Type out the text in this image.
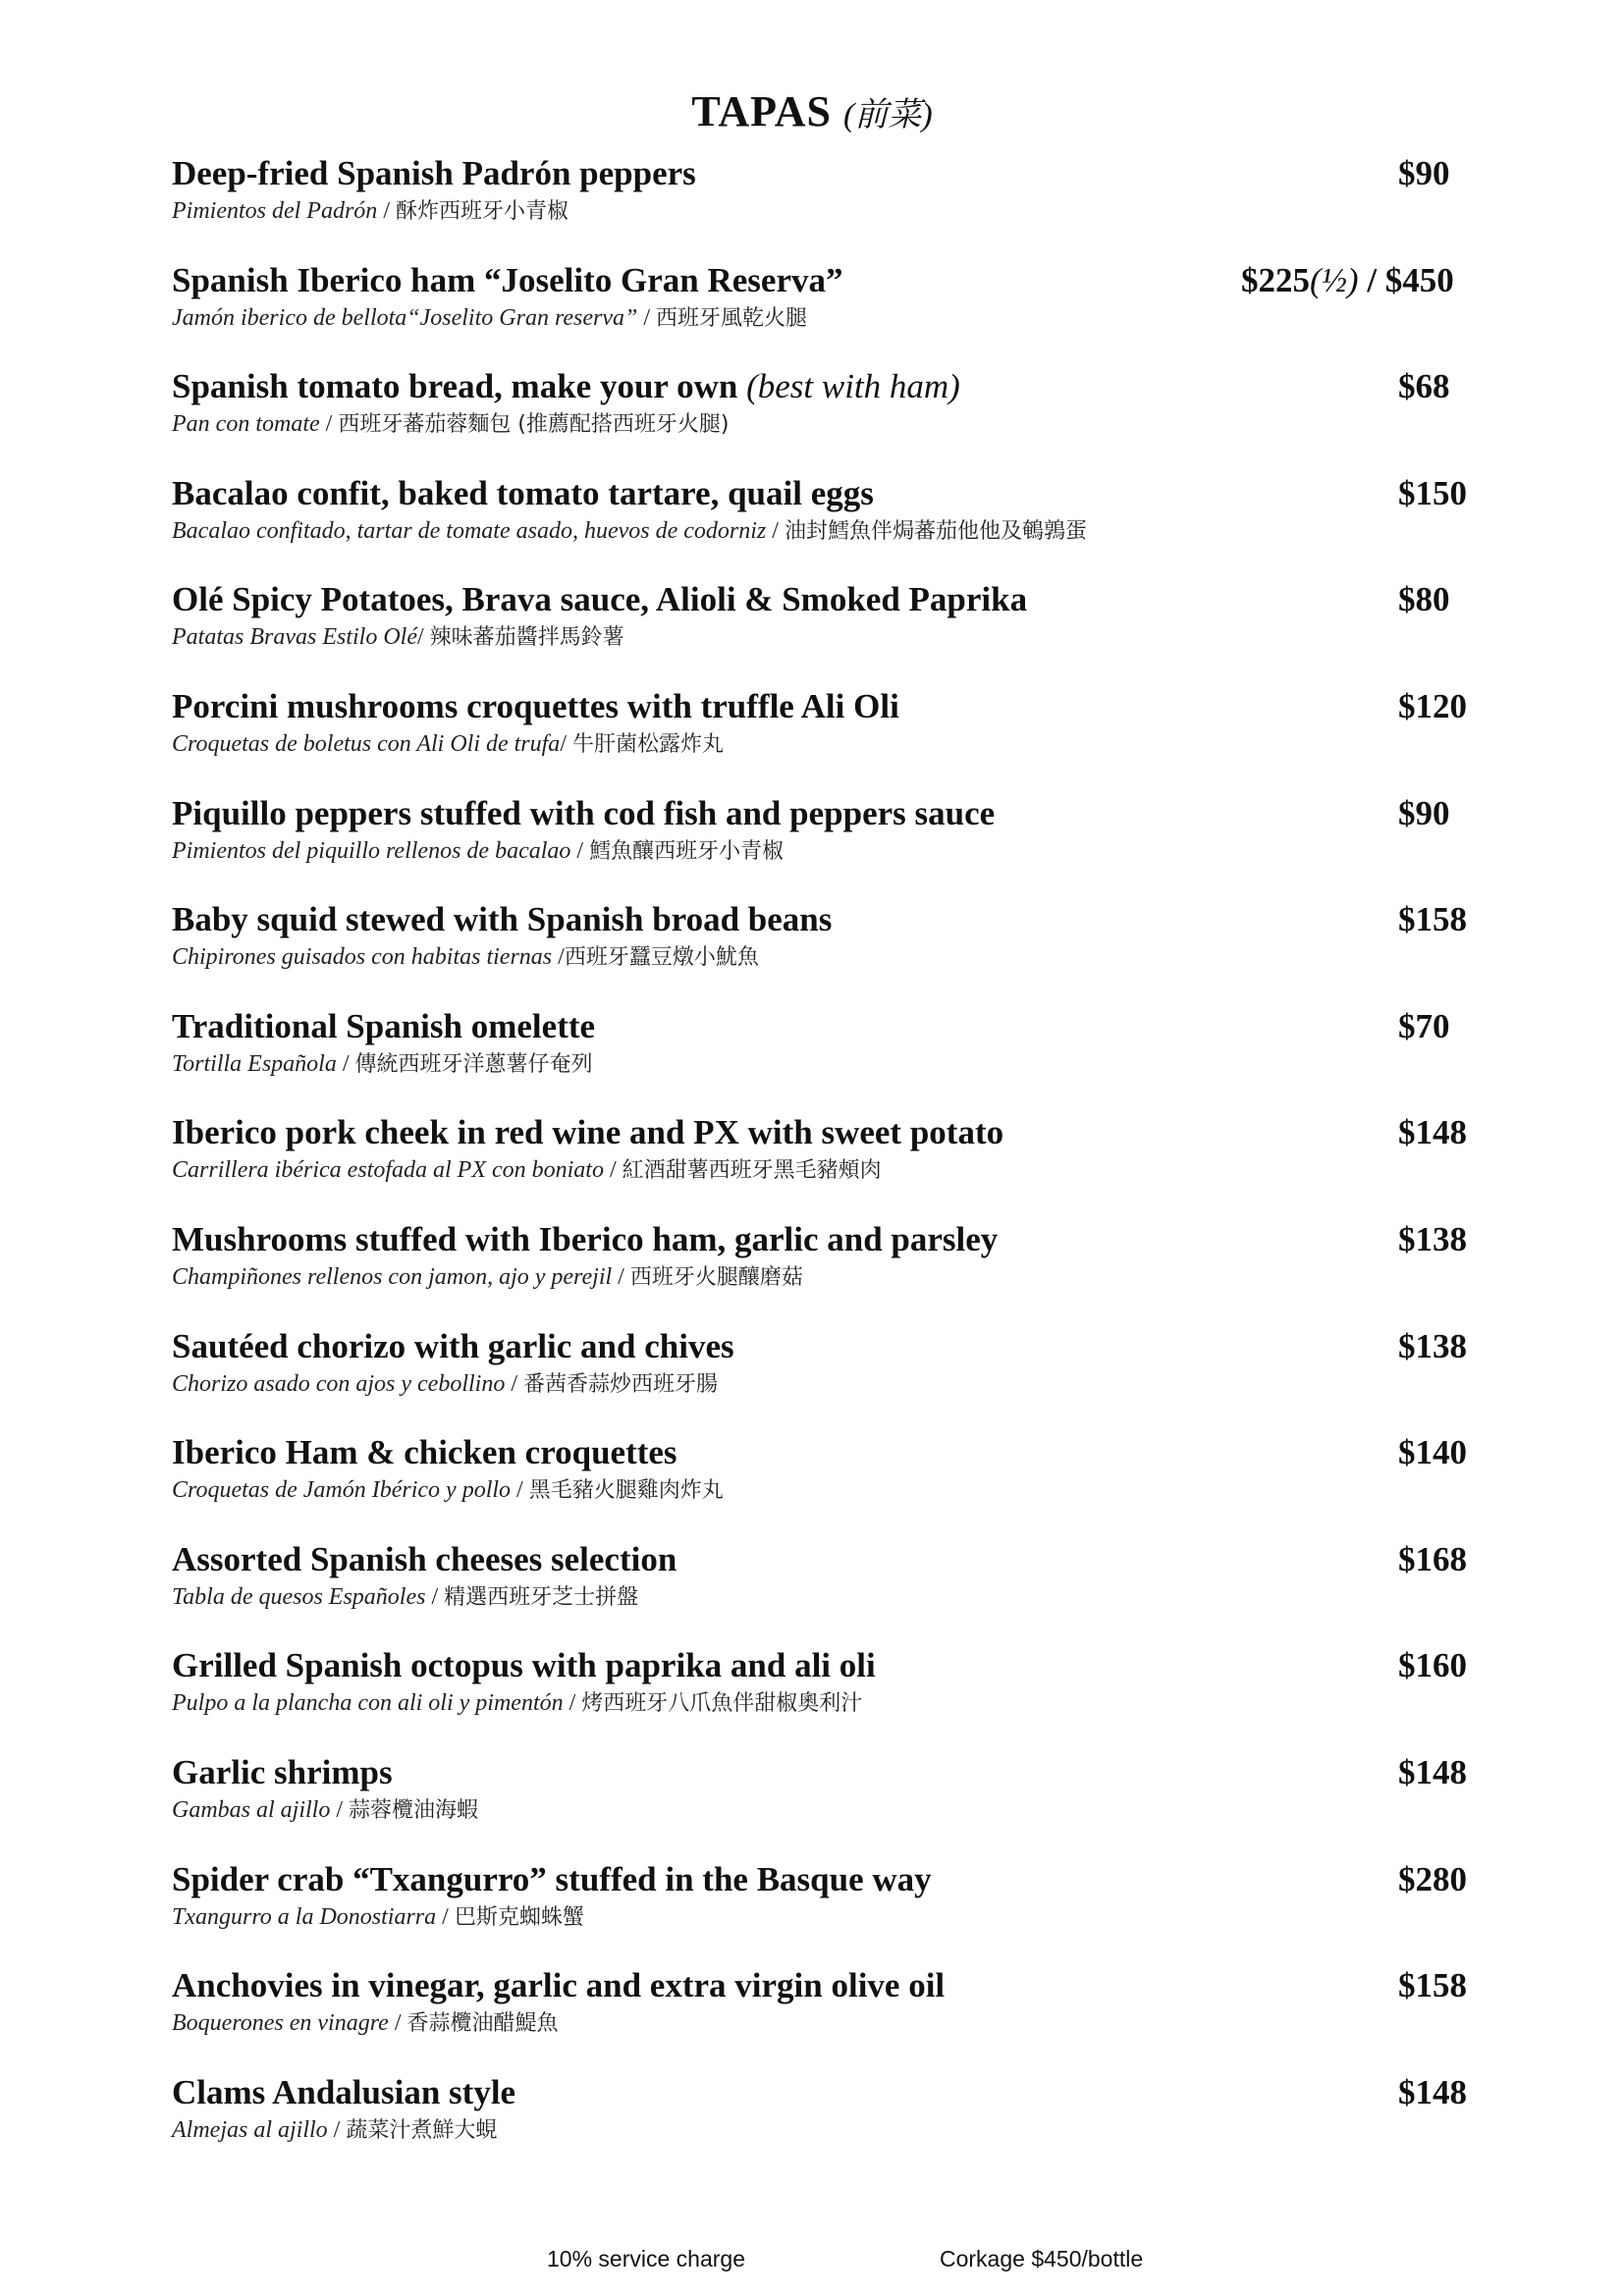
TAPAS (前菜)
Deep-fried Spanish Padrón peppers
Pimientos del Padrón / 酥炸西班牙小青椒
$90
Spanish Iberico ham “Joselito Gran Reserva”
Jamón iberico de bellota“Joselito Gran reserva” / 西班牙風乾火腿
$225(½) / $450
Spanish tomato bread, make your own (best with ham)
Pan con tomate / 西班牙蕃茄蓉麵包 (推薦配搭西班牙火腿)
$68
Bacalao confit, baked tomato tartare, quail eggs
Bacalao confitado, tartar de tomate asado, huevos de codorniz / 油封鱈魚伴焗蕃茄他他及鵪鶉蛋
$150
Olé Spicy Potatoes, Brava sauce, Alioli & Smoked Paprika
Patatas Bravas Estilo Olé/ 辣味蕃茄醬拌馬鈴薯
$80
Porcini mushrooms croquettes with truffle Ali Oli
Croquetas de boletus con Ali Oli de trufa/ 牛肝菌松露炸丸
$120
Piquillo peppers stuffed with cod fish and peppers sauce
Pimientos del piquillo rellenos de bacalao / 鱈魚釀西班牙小青椒
$90
Baby squid stewed with Spanish broad beans
Chipirones guisados con habitas tiernas /西班牙蠶豆燉小魷魚
$158
Traditional Spanish omelette
Tortilla Española / 傳統西班牙洋蔥薯仔奄列
$70
Iberico pork cheek in red wine and PX with sweet potato
Carrillera ibérica estofada al PX con boniato / 紅酒甜薯西班牙黑毛豬頰肉
$148
Mushrooms stuffed with Iberico ham, garlic and parsley
Champiñones rellenos con jamon, ajo y perejil / 西班牙火腿釀磨菇
$138
Sautéed chorizo with garlic and chives
Chorizo asado con ajos y cebollino / 番茜香蒜炒西班牙腸
$138
Iberico Ham & chicken croquettes
Croquetas de Jamón Ibérico y pollo / 黑毛豬火腿雞肉炸丸
$140
Assorted Spanish cheeses selection
Tabla de quesos Españoles / 精選西班牙芝士拼盤
$168
Grilled Spanish octopus with paprika and ali oli
Pulpo a la plancha con ali oli y pimentón / 烤西班牙八爪魚伴甜椒奧利汁
$160
Garlic shrimps
Gambas al ajillo / 蒜蓉欖油海蝦
$148
Spider crab “Txangurro” stuffed in the Basque way
Txangurro a la Donostiarra / 巴斯克蜘蛛蟹
$280
Anchovies in vinegar, garlic and extra virgin olive oil
Boquerones en vinagre / 香蒜欖油醋鯷魚
$158
Clams Andalusian style
Almejas al ajillo / 蔬菜汁煮鮮大蜆
$148
10% service charge	Corkage $450/bottle
